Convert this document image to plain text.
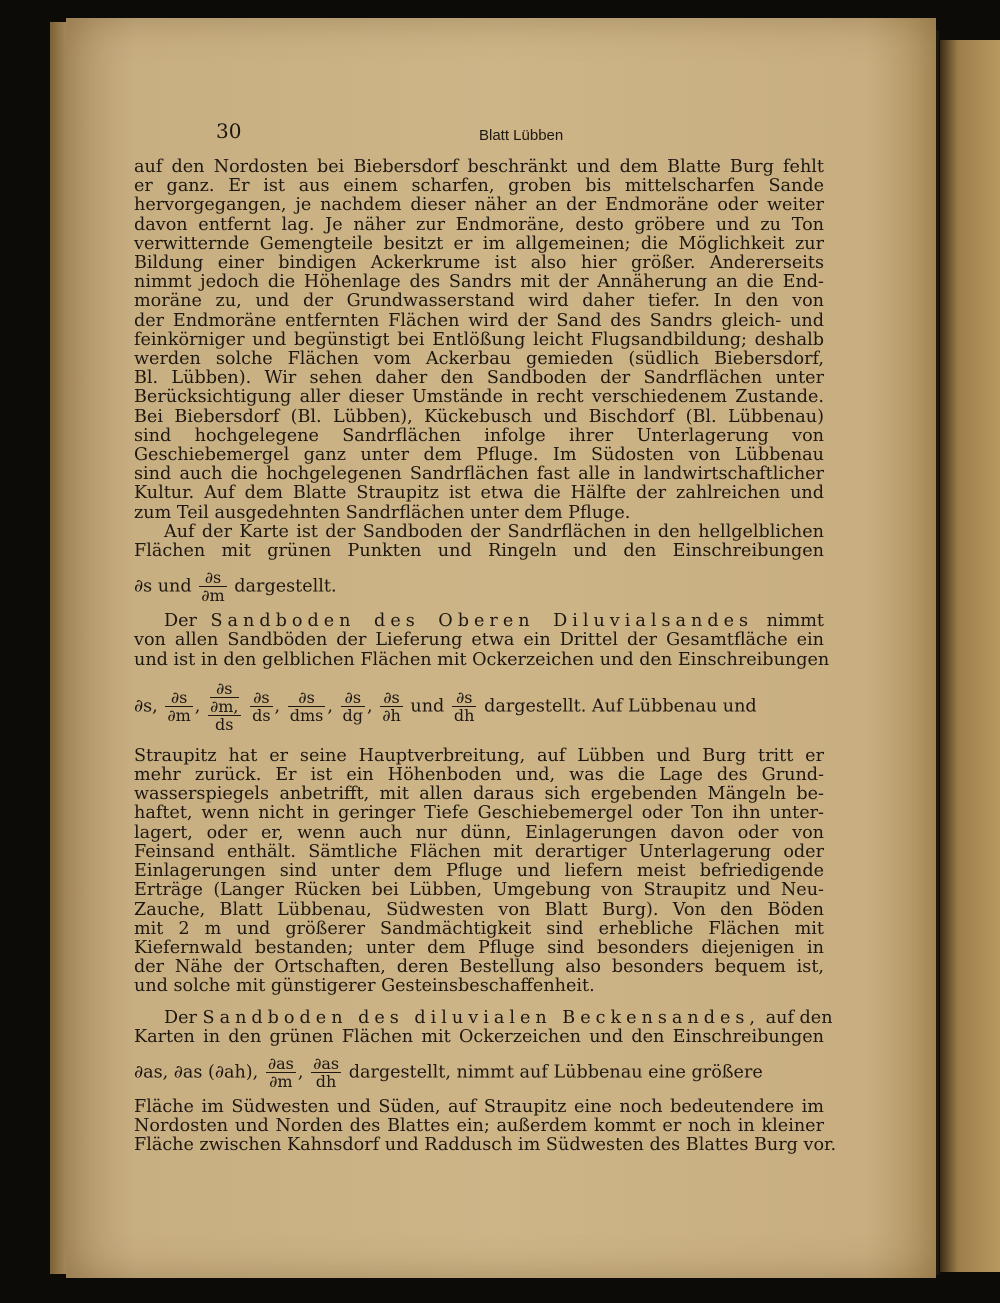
30	Blatt Lübben
auf den Nordosten bei Biebersdorf beschränkt und dem Blatte Burg fehlt
er ganz. Er ist aus einem scharfen, groben bis mittelscharfen Sande
hervorgegangen, je nachdem dieser näher an der Endmoräne oder weiter
davon entfernt lag. Je näher zur Endmoräne, desto gröbere und zu Ton
verwitternde Gemengteile besitzt er im allgemeinen; die Möglichkeit zur
Bildung einer bindigen Ackerkrume ist also hier größer. Andererseits
nimmt jedoch die Höhenlage des Sandrs mit der Annäherung an die End-
moräne zu, und der Grundwasserstand wird daher tiefer. In den von
der Endmoräne entfernten Flächen wird der Sand des Sandrs gleich- und
feinkörniger und begünstigt bei Entlößung leicht Flugsandbildung; deshalb
werden solche Flächen vom Ackerbau gemieden (südlich Biebersdorf,
Bl. Lübben). Wir sehen daher den Sandboden der Sandrflächen unter
Berücksichtigung aller dieser Umstände in recht verschiedenem Zustande.
Bei Biebersdorf (Bl. Lübben), Kückebusch und Bischdorf (Bl. Lübbenau)
sind hochgelegene Sandrflächen infolge ihrer Unterlagerung von
Geschiebemergel ganz unter dem Pfluge. Im Südosten von Lübbenau
sind auch die hochgelegenen Sandrflächen fast alle in landwirtschaftlicher
Kultur. Auf dem Blatte Straupitz ist etwa die Hälfte der zahlreichen und
zum Teil ausgedehnten Sandrflächen unter dem Pfluge.
Auf der Karte ist der Sandboden der Sandrflächen in den hellgelblichen
Flächen mit grünen Punkten und Ringeln und den Einschreibungen
∂s und $\frac{\partial s}{\partial m}$ dargestellt.
Der Sandboden des Oberen Diluvialsandes nimmt
von allen Sandböden der Lieferung etwa ein Drittel der Gesamtfläche ein
und ist in den gelblichen Flächen mit Ockerzeichen und den Einschreibungen
∂s, $\frac{\partial s}{\partial m}$ , $\frac{\frac{\partial s}{\partial m,}}{ds}$
$\frac{\partial s}{ds}$ , $\frac{\partial s}{\text{dms}}$ , $\frac{\partial s}{dg}$ , $\frac{\partial s}{\partial h}$ und $\frac{\partial s}{dh}$ dargestellt. Auf Lübbenau und
Straupitz hat er seine Hauptverbreitung, auf Lübben und Burg tritt er
mehr zurück. Er ist ein Höhenboden und, was die Lage des Grund-
wasserspiegels anbetrifft, mit allen daraus sich ergebenden Mängeln be-
haftet, wenn nicht in geringer Tiefe Geschiebemergel oder Ton ihn unter-
lagert, oder er, wenn auch nur dünn, Einlagerungen davon oder von
Feinsand enthält. Sämtliche Flächen mit derartiger Unterlagerung oder
Einlagerungen sind unter dem Pfluge und liefern meist befriedigende
Erträge (Langer Rücken bei Lübben, Umgebung von Straupitz und Neu-
Zauche, Blatt Lübbenau, Südwesten von Blatt Burg). Von den Böden
mit 2 m und größerer Sandmächtigkeit sind erhebliche Flächen mit
Kiefernwald bestanden; unter dem Pfluge sind besonders diejenigen in
der Nähe der Ortschaften, deren Bestellung also besonders bequem ist,
und solche mit günstigerer Gesteinsbeschaffenheit.
Der Sandboden des diluvialen Beckensandes, auf den
Karten in den grünen Flächen mit Ockerzeichen und den Einschreibungen
∂as, ∂as (∂ah), $\frac{\partial as}{\partial m}$ , $\frac{\partial as}{dh}$ dargestellt, nimmt auf Lübbenau eine größere
Fläche im Südwesten und Süden, auf Straupitz eine noch bedeutendere im
Nordosten und Norden des Blattes ein; außerdem kommt er noch in kleiner
Fläche zwischen Kahnsdorf und Raddusch im Südwesten des Blattes Burg vor.
